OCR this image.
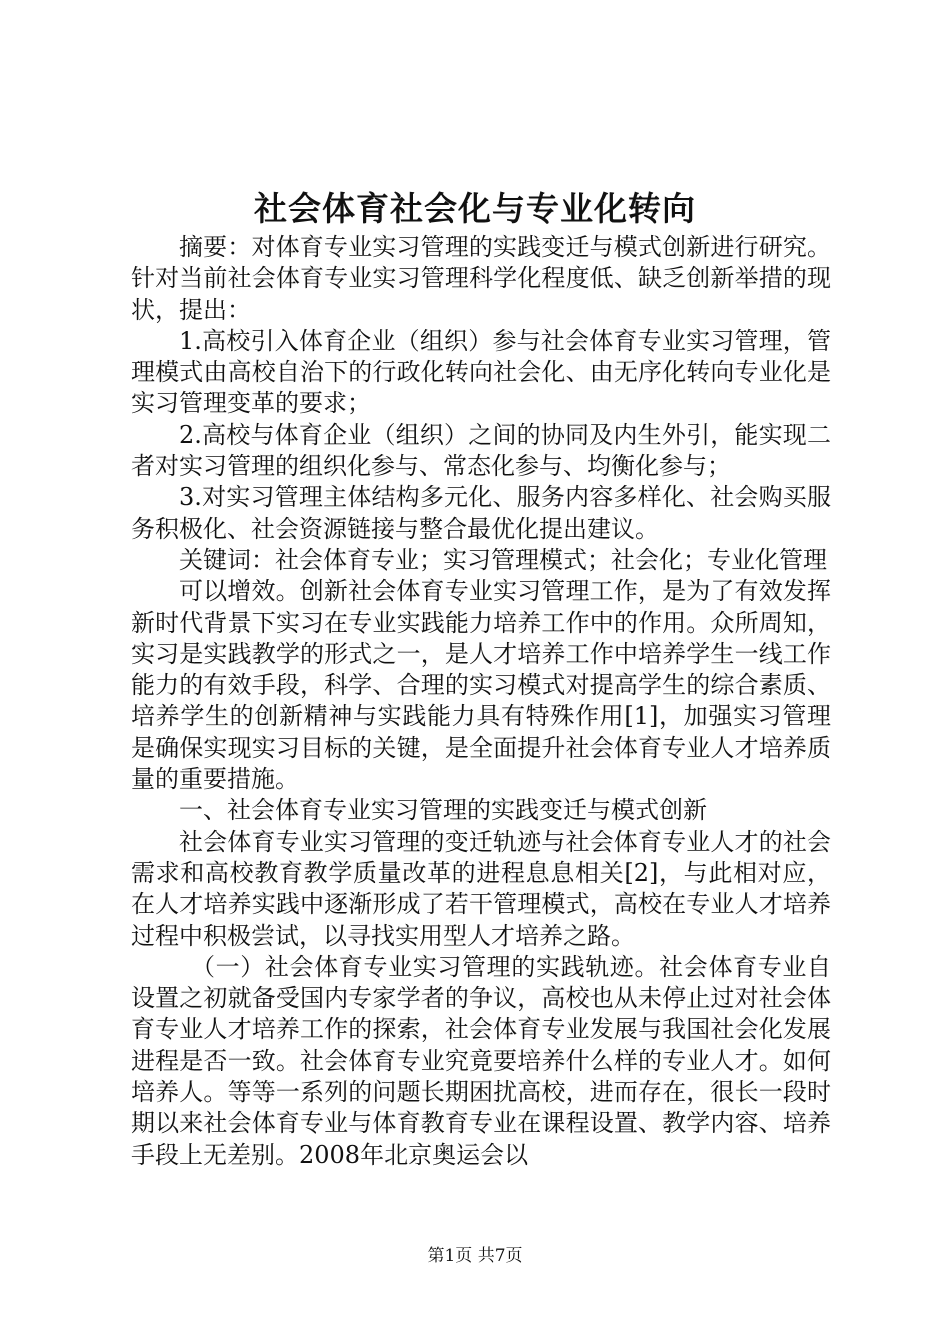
社会体育社会化与专业化转向

摘要：对体育专业实习管理的实践变迁与模式创新进行研究。针对当前社会体育专业实习管理科学化程度低、缺乏创新举措的现状，提出：

1.高校引入体育企业（组织）参与社会体育专业实习管理，管理模式由高校自治下的行政化转向社会化、由无序化转向专业化是实习管理变革的要求；

2.高校与体育企业（组织）之间的协同及内生外引，能实现二者对实习管理的组织化参与、常态化参与、均衡化参与；

3.对实习管理主体结构多元化、服务内容多样化、社会购买服务积极化、社会资源链接与整合最优化提出建议。

关键词：社会体育专业；实习管理模式；社会化；专业化管理

可以增效。创新社会体育专业实习管理工作，是为了有效发挥新时代背景下实习在专业实践能力培养工作中的作用。众所周知，实习是实践教学的形式之一，是人才培养工作中培养学生一线工作能力的有效手段，科学、合理的实习模式对提高学生的综合素质、培养学生的创新精神与实践能力具有特殊作用[1]，加强实习管理是确保实现实习目标的关键，是全面提升社会体育专业人才培养质量的重要措施。

一、社会体育专业实习管理的实践变迁与模式创新

社会体育专业实习管理的变迁轨迹与社会体育专业人才的社会需求和高校教育教学质量改革的进程息息相关[2]，与此相对应，在人才培养实践中逐渐形成了若干管理模式，高校在专业人才培养过程中积极尝试，以寻找实用型人才培养之路。

（一）社会体育专业实习管理的实践轨迹。社会体育专业自设置之初就备受国内专家学者的争议，高校也从未停止过对社会体育专业人才培养工作的探索，社会体育专业发展与我国社会化发展进程是否一致。社会体育专业究竟要培养什么样的专业人才。如何培养人。等等一系列的问题长期困扰高校，进而存在，很长一段时期以来社会体育专业与体育教育专业在课程设置、教学内容、培养手段上无差别。2008年北京奥运会以

第1页 共7页
